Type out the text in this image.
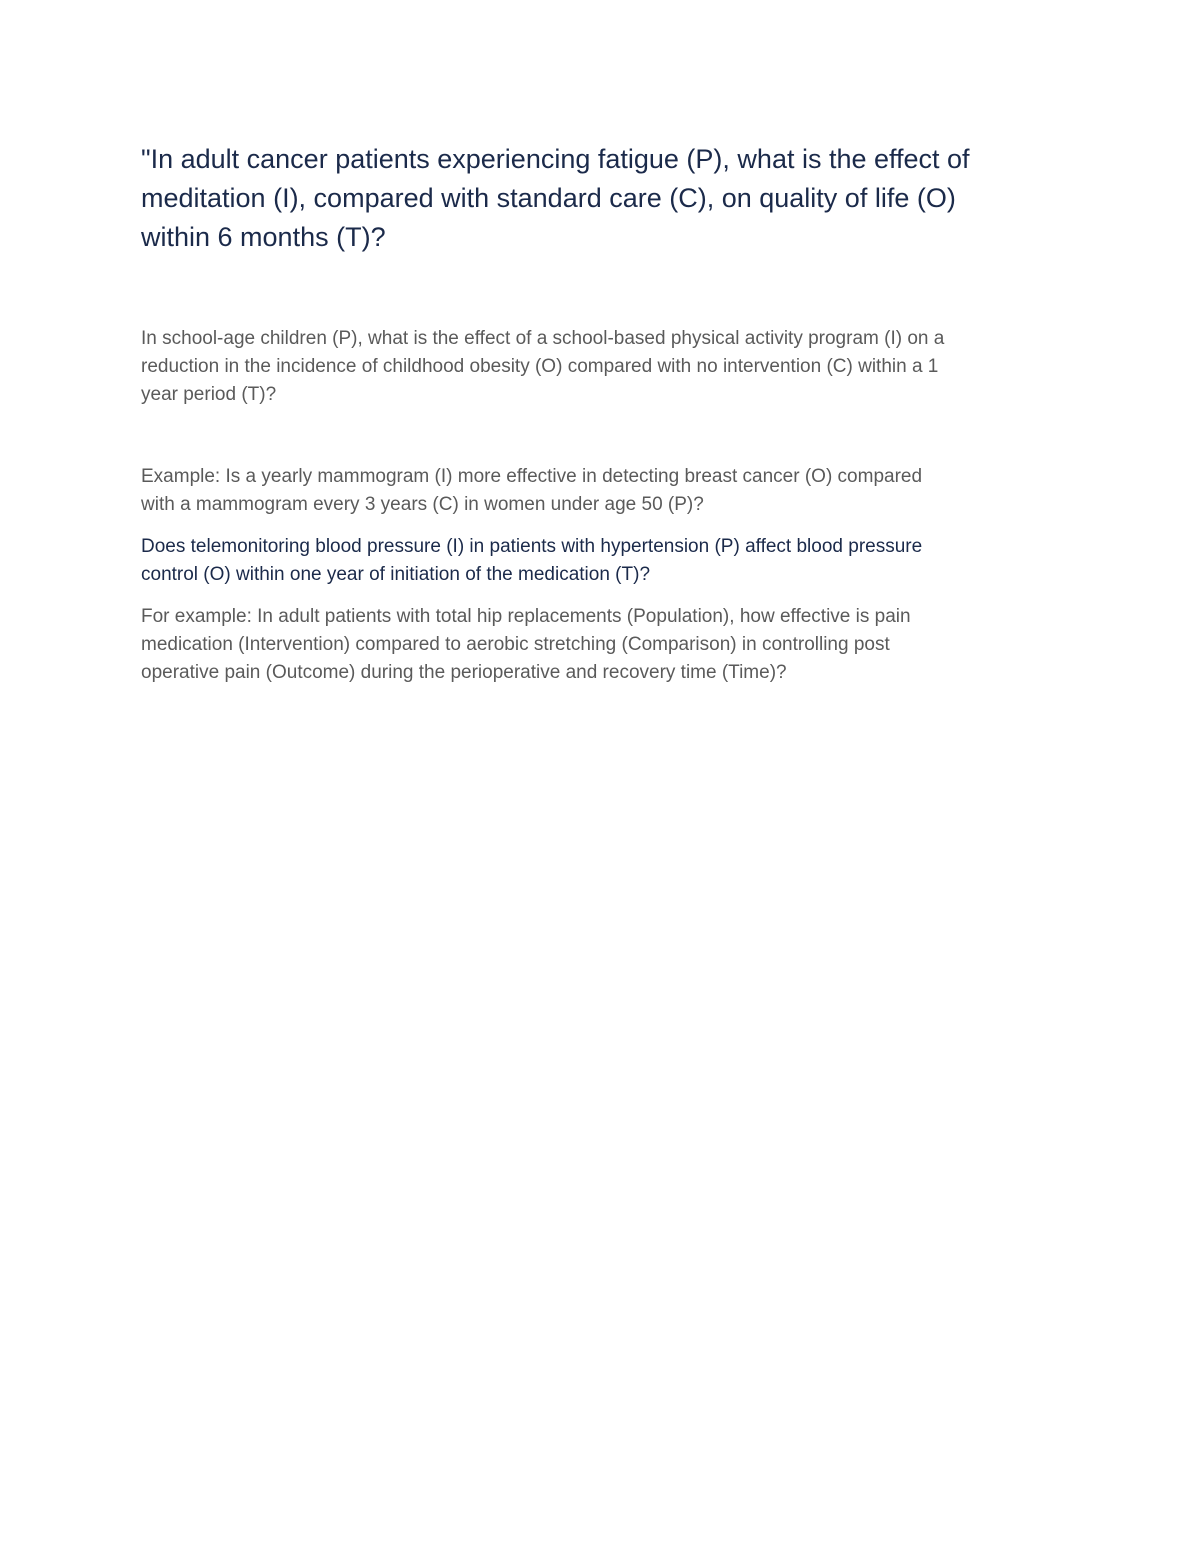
"In adult cancer patients experiencing fatigue (P), what is the effect of
meditation (I), compared with standard care (C), on quality of life (O)
within 6 months (T)?

In school-age children (P), what is the effect of a school-based physical activity program (I) on a
reduction in the incidence of childhood obesity (O) compared with no intervention (C) within a 1
year period (T)?

Example: Is a yearly mammogram (I) more effective in detecting breast cancer (O) compared
with a mammogram every 3 years (C) in women under age 50 (P)?

Does telemonitoring blood pressure (I) in patients with hypertension (P) affect blood pressure
control (O) within one year of initiation of the medication (T)?

For example: In adult patients with total hip replacements (Population), how effective is pain
medication (Intervention) compared to aerobic stretching (Comparison) in controlling post
operative pain (Outcome) during the perioperative and recovery time (Time)?
